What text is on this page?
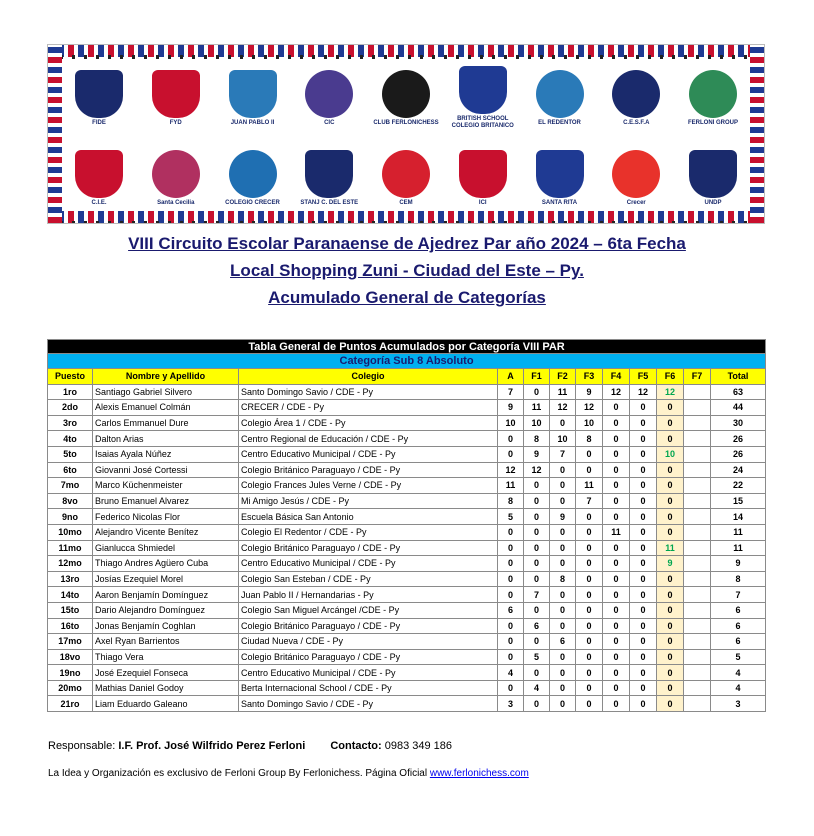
FIDE	FYD	JUAN PABLO II	CIC	CLUB FERLONICHESS
BRITISH SCHOOL COLEGIO BRITANICO
EL REDENTOR	C.E.S.F.A	FERLONI GROUP
C.I.E.	Santa Cecilia	COLEGIO CRECER	STANJ C. DEL ESTE	CEM	ICI	SANTA RITA	Crecer	UNDP
VIII Circuito Escolar Paranaense de Ajedrez Par año 2024 – 6ta Fecha
Local Shopping Zuni - Ciudad del Este – Py.
Acumulado General de Categorías
Tabla General de Puntos Acumulados por Categoría VIII PAR											
Categoría Sub 8 Absoluto											
Puesto	Nombre y Apellido	Colegio	A	F1	F2	F3	F4	F5	F6	F7	Total
1ro	Santiago Gabriel Silvero	Santo Domingo Savio / CDE - Py	7	0	11	9	12	12	12		63
2do	Alexis Emanuel Colmán	CRECER / CDE - Py	9	11	12	12	0	0	0		44
3ro	Carlos Emmanuel Dure	Colegio Área 1 / CDE - Py	10	10	0	10	0	0	0		30
4to	Dalton Arias	Centro Regional de Educación / CDE - Py	0	8	10	8	0	0	0		26
5to	Isaias Ayala Núñez	Centro Educativo Municipal / CDE - Py	0	9	7	0	0	0	10		26
6to	Giovanni José Cortessi	Colegio Británico Paraguayo / CDE - Py	12	12	0	0	0	0	0		24
7mo	Marco Küchenmeister	Colegio Frances Jules Verne / CDE - Py	11	0	0	11	0	0	0		22
8vo	Bruno Emanuel Alvarez	Mi Amigo Jesús / CDE - Py	8	0	0	7	0	0	0		15
9no	Federico Nicolas Flor	Escuela Básica San Antonio	5	0	9	0	0	0	0		14
10mo	Alejandro Vicente Benítez	Colegio El Redentor / CDE - Py	0	0	0	0	11	0	0		11
11mo	Gianlucca Shmiedel	Colegio Británico Paraguayo / CDE - Py	0	0	0	0	0	0	11		11
12mo	Thiago Andres Agüero Cuba	Centro Educativo Municipal / CDE - Py	0	0	0	0	0	0	9		9
13ro	Josías Ezequiel Morel	Colegio San Esteban / CDE - Py	0	0	8	0	0	0	0		8
14to	Aaron Benjamín Domínguez	Juan Pablo II / Hernandarias - Py	0	7	0	0	0	0	0		7
15to	Dario Alejandro Domínguez	Colegio San Miguel Arcángel /CDE - Py	6	0	0	0	0	0	0		6
16to	Jonas Benjamín Coghlan	Colegio Británico Paraguayo / CDE - Py	0	6	0	0	0	0	0		6
17mo	Axel Ryan Barrientos	Ciudad Nueva / CDE - Py	0	0	6	0	0	0	0		6
18vo	Thiago Vera	Colegio Británico Paraguayo / CDE - Py	0	5	0	0	0	0	0		5
19no	José Ezequiel Fonseca	Centro Educativo Municipal / CDE - Py	4	0	0	0	0	0	0		4
20mo	Mathias Daniel Godoy	Berta Internacional School / CDE - Py	0	4	0	0	0	0	0		4
21ro	Liam Eduardo Galeano	Santo Domingo Savio / CDE - Py	3	0	0	0	0	0	0		3
Responsable: I.F. Prof. José Wilfrido Perez Ferloni Contacto: 0983 349 186
La Idea y Organización es exclusivo de Ferloni Group By Ferlonichess. Página Oficial www.ferlonichess.com
